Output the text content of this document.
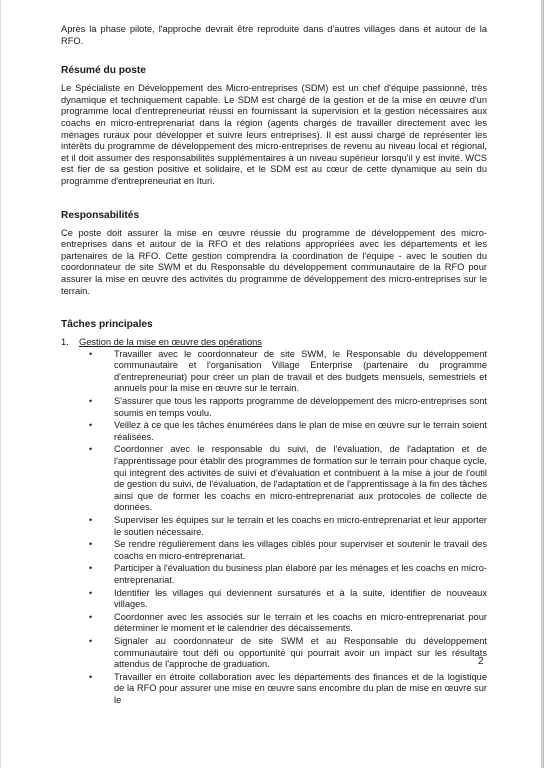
Après la phase pilote, l'approche devrait être reproduite dans d'autres villages dans et autour de la RFO.

Résumé du poste

Le Spécialiste en Développement des Micro-entreprises (SDM) est un chef d'équipe passionné, très dynamique et techniquement capable. Le SDM est chargé de la gestion et de la mise en œuvre d'un programme local d'entrepreneuriat réussi en fournissant la supervision et la gestion nécessaires aux coachs en micro-entreprenariat dans la région (agents chargés de travailler directement avec les ménages ruraux pour développer et suivre leurs entreprises). Il est aussi chargé de représenter les intérêts du programme de développement des micro-entreprises de revenu au niveau local et régional, et il doit assumer des responsabilités supplémentaires à un niveau supérieur lorsqu'il y est invité. WCS est fier de sa gestion positive et solidaire, et le SDM est au cœur de cette dynamique au sein du programme d'entrepreneuriat en Ituri.

Responsabilités

Ce poste doit assurer la mise en œuvre réussie du programme de développement des micro-entreprises dans et autour de la RFO et des relations appropriées avec les départements et les partenaires de la RFO. Cette gestion comprendra la coordination de l'équipe - avec le soutien du coordonnateur de site SWM et du Responsable du développement communautaire de la RFO pour assurer la mise en œuvre des activités du programme de développement des micro-entreprises sur le terrain.

Tâches principales
1.	Gestion de la mise en œuvre des opérations
• Travailler avec le coordonnateur de site SWM, le Responsable du développement communautaire et l'organisation Village Enterprise (partenaire du programme d'entrepreneuriat) pour créer un plan de travail et des budgets mensuels, semestriels et annuels pour la mise en œuvre sur le terrain.
• S'assurer que tous les rapports programme de développement des micro-entreprises sont soumis en temps voulu.
• Veillez à ce que les tâches énumérées dans le plan de mise en œuvre sur le terrain soient réalisées.
• Coordonner avec le responsable du suivi, de l'évaluation, de l'adaptation et de l'apprentissage pour établir des programmes de formation sur le terrain pour chaque cycle, qui intègrent des activités de suivi et d'évaluation et contribuent à la mise à jour de l'outil de gestion du suivi, de l'évaluation, de l'adaptation et de l'apprentissage à la fin des tâches ainsi que de former les coachs en micro-entreprenariat aux protocoles de collecte de données.
• Superviser les équipes sur le terrain et les coachs en micro-entreprenariat et leur apporter le soutien nécessaire.
• Se rendre régulièrement dans les villages ciblés pour superviser et soutenir le travail des coachs en micro-entreprenariat.
• Participer à l'évaluation du business plan élaboré par les ménages et les coachs en micro-entreprenariat.
• Identifier les villages qui deviennent sursaturés et à la suite, identifier de nouveaux villages.
• Coordonner avec les associés sur le terrain et les coachs en micro-entreprenariat pour déterminer le moment et le calendrier des décaissements.
• Signaler au coordonnateur de site SWM et au Responsable du développement communautaire tout défi ou opportunité qui pourrait avoir un impact sur les résultats attendus de l'approche de graduation.
• Travailler en étroite collaboration avec les départements des finances et de la logistique de la RFO pour assurer une mise en œuvre sans encombre du plan de mise en œuvre sur le
2
